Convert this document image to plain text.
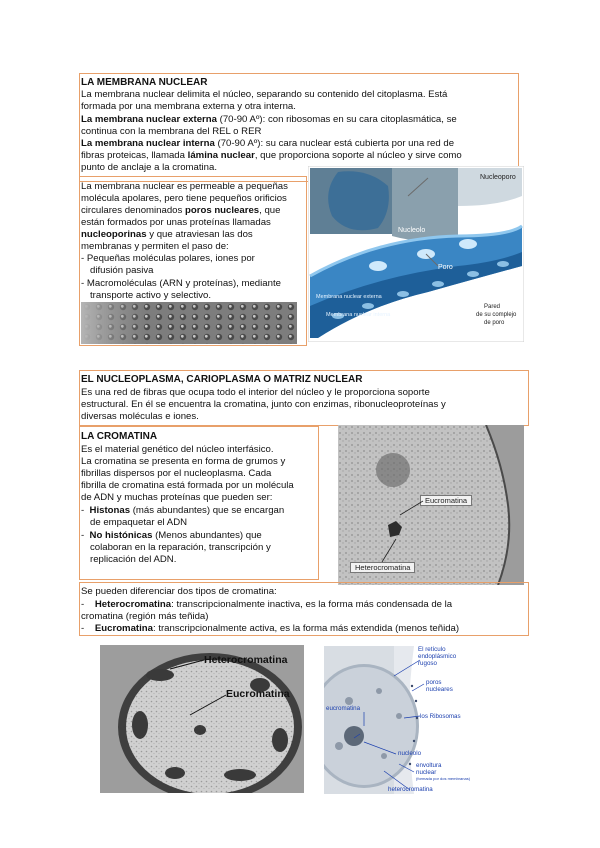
LA MEMBRANA NUCLEAR
La membrana nuclear delimita el núcleo, separando su contenido del citoplasma. Está
formada por una membrana externa y otra interna.
La membrana nuclear externa (70-90 Aº): con ribosomas en su cara citoplasmática, se
continua con la membrana del REL o RER
La membrana nuclear interna (70-90 Aº): su cara nuclear está cubierta por una red de
fibras proteicas, llamada lámina nuclear, que proporciona soporte al núcleo y sirve como
punto de anclaje a la cromatina.
La membrana nuclear es permeable a pequeñas
molécula apolares, pero tiene pequeños orificios
circulares denominados poros nucleares, que
están formados por unas proteínas llamadas
nucleoporinas y que atraviesan las dos
membranas y permiten el paso de:
- Pequeñas moléculas polares, iones por
difusión pasiva
- Macromoléculas (ARN y proteínas), mediante
transporte activo y selectivo.
Nucleoporo
Nucleolo
Poro
Membrana nuclear externa
Membrana nuclear interna
Pared
de su complejo
de poro
EL NUCLEOPLASMA, CARIOPLASMA O MATRIZ NUCLEAR
Es una red de fibras que ocupa todo el interior del núcleo y le proporciona soporte
estructural. En él se encuentra la cromatina, junto con enzimas, ribonucleoproteínas y
diversas moléculas e iones.
LA CROMATINA
Es el material genético del núcleo interfásico.
La cromatina se presenta en forma de grumos y
fibrillas dispersos por el nucleoplasma. Cada
fibrilla de cromatina está formada por un molécula
de ADN y muchas proteínas que pueden ser:
-  Histonas (más abundantes) que se encargan
de empaquetar el ADN
-  No histónicas (Menos abundantes) que
colaboran en la reparación, transcripción y
replicación del ADN.
Eucromatina
Heterocromatina
Se pueden diferenciar dos tipos de cromatina:
-    Heterocromatina: transcripcionalmente inactiva, es la forma más condensada de la
cromatina (región más teñida)
-    Eucromatina: transcripcionalmente activa, es la forma más extendida (menos teñida)
Heterocromatina
Eucromatina
El retículo
endoplásmico
rugoso
poros
nucleares
eucromatina
los Ribosomas
nucleolo
envoltura
nuclear
(formada por dos membranas)
heterocromatina
